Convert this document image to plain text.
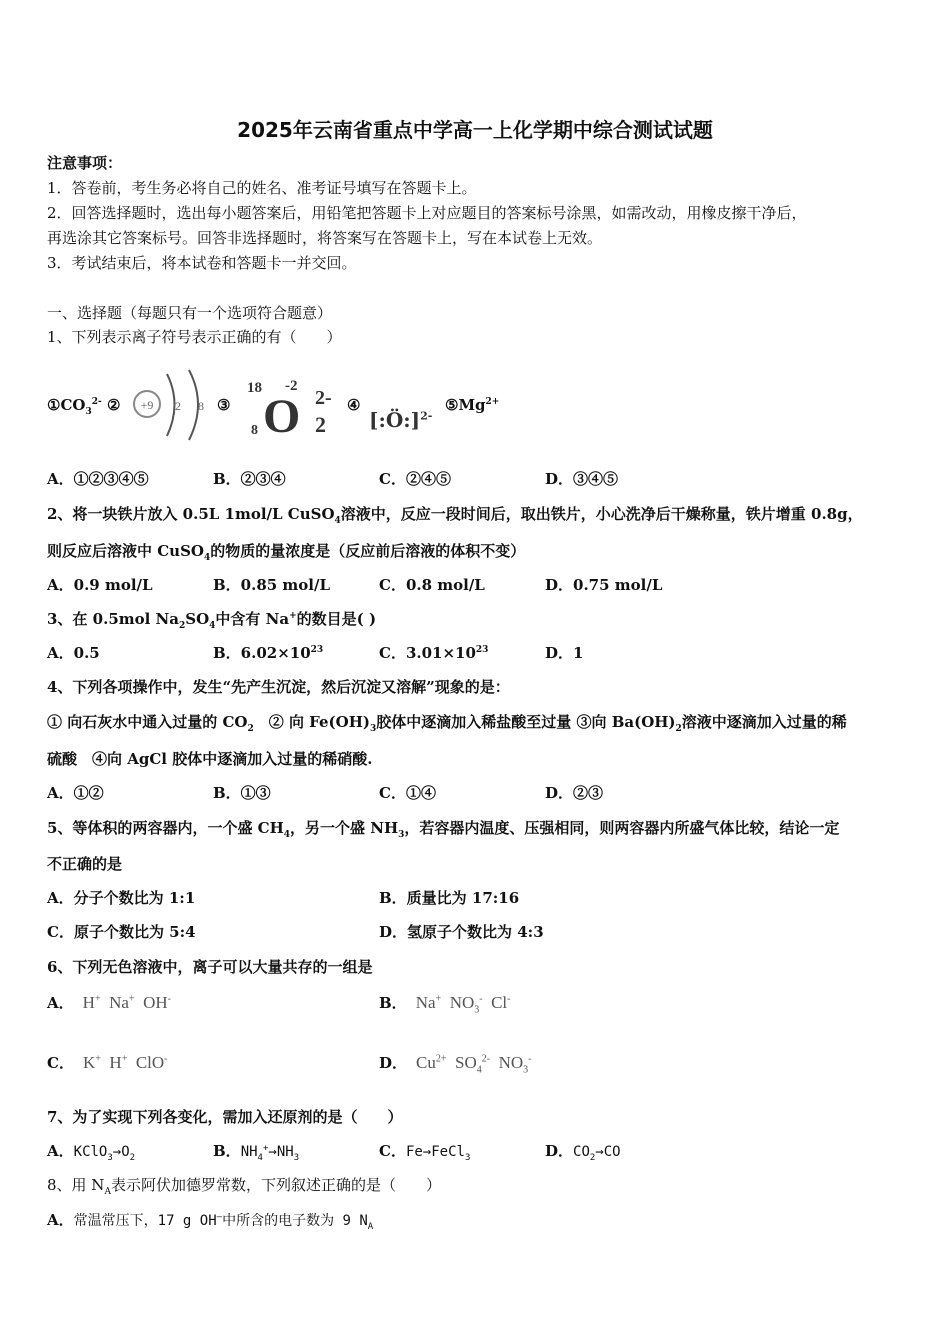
2025年云南省重点中学高一上化学期中综合测试试题
注意事项：
1．答卷前，考生务必将自己的姓名、准考证号填写在答题卡上。
2．回答选择题时，选出每小题答案后，用铅笔把答题卡上对应题目的答案标号涂黑，如需改动，用橡皮擦干净后，
再选涂其它答案标号。回答非选择题时，将答案写在答题卡上，写在本试卷上无效。
3．考试结束后，将本试卷和答题卡一并交回。
一、选择题（每题只有一个选项符合题意）
1、下列表示离子符号表示正确的有（　　）
$①CO_3^{2-}$ ② +9 2 8 ③
18
8
-2
O 2
2- ④
[:Ö:]$^{2-}$
$⑤Mg^{2+}$
A．①②③④⑤	B．②③④	C．②④⑤	D．③④⑤
2、将一块铁片放入 0.5L 1mol/L CuSO$_4$溶液中，反应一段时间后，取出铁片，小心洗净后干燥称量，铁片增重 0.8g，
则反应后溶液中 CuSO$_4$的物质的量浓度是（反应前后溶液的体积不变）
A．0.9 mol/L	B．0.85 mol/L	C．0.8 mol/L	D．0.75 mol/L
3、在 0.5mol $Na_2SO_4$中含有 Na+的数目是( )
A．0.5	B．$6.02\times 10^{23}$	C．$3.01\times 10^{23}$	D．1
4、下列各项操作中，发生“先产生沉淀，然后沉淀又溶解”现象的是：
① 向石灰水中通入过量的 $CO_2$　② 向 $Fe(OH)_3$胶体中逐滴加入稀盐酸至过量 ③向 $Ba(OH)_2$溶液中逐滴加入过量的稀
硫酸　④向 AgCl 胶体中逐滴加入过量的稀硝酸.
A．①②	B．①③	C．①④	D．②③
5、等体积的两容器内，一个盛 $CH_4$，另一个盛 $NH_3$，若容器内温度、压强相同，则两容器内所盛气体比较，结论一定
不正确的是
A．分子个数比为 1:1	B．质量比为 17:16
C．原子个数比为 5:4	D．氢原子个数比为 4:3
6、下列无色溶液中，离子可以大量共存的一组是
A． H+ Na+ OH-	B． Na+ $NO_3^-$ Cl-
C． K+ H+ ClO-	D． $Cu^{2+}$ $SO_4^{2-}$ $NO_3^-$
7、为了实现下列各变化，需加入还原剂的是（　　）
A．$KClO_3\to O_2$	B．$NH_4^+\to NH_3$	C．Fe→FeCl$_3$	D．$CO_2\to CO$
8、用 $N_A$表示阿伏加德罗常数，下列叙述正确的是（　　）
A．常温常压下，17 g OH—中所含的电子数为 9 $N_A$
